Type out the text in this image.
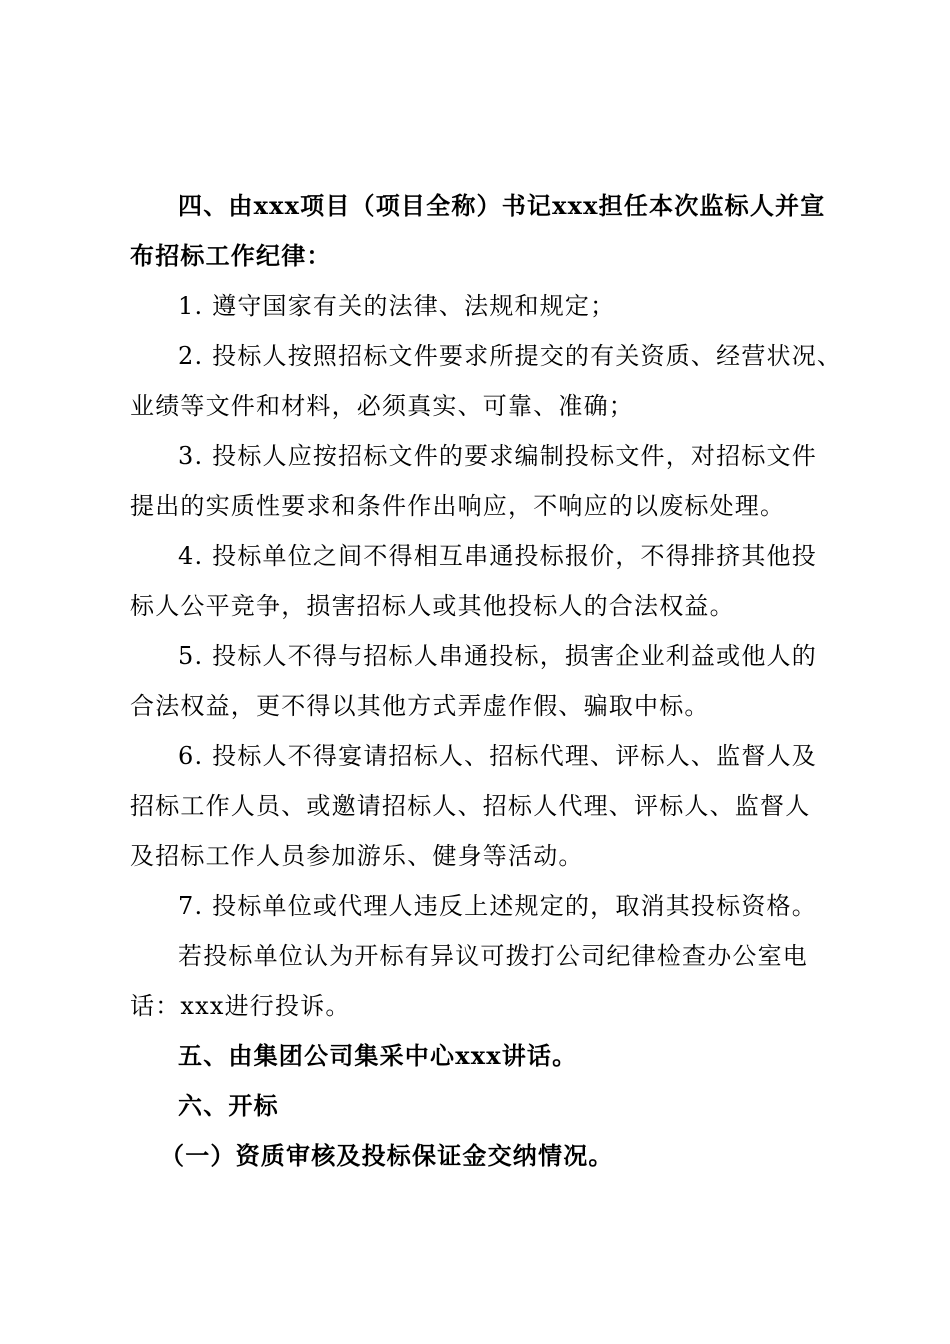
四、由xxx项目（项目全称）书记xxx担任本次监标人并宣
布招标工作纪律：
1. 遵守国家有关的法律、法规和规定；
2. 投标人按照招标文件要求所提交的有关资质、经营状况、
业绩等文件和材料，必须真实、可靠、准确；
3. 投标人应按招标文件的要求编制投标文件，对招标文件
提出的实质性要求和条件作出响应，不响应的以废标处理。
4. 投标单位之间不得相互串通投标报价，不得排挤其他投
标人公平竞争，损害招标人或其他投标人的合法权益。
5. 投标人不得与招标人串通投标，损害企业利益或他人的
合法权益，更不得以其他方式弄虚作假、骗取中标。
6. 投标人不得宴请招标人、招标代理、评标人、监督人及
招标工作人员、或邀请招标人、招标人代理、评标人、监督人
及招标工作人员参加游乐、健身等活动。
7. 投标单位或代理人违反上述规定的，取消其投标资格。
若投标单位认为开标有异议可拨打公司纪律检查办公室电
话：xxx进行投诉。
五、由集团公司集采中心xxx讲话。
六、开标
（一）资质审核及投标保证金交纳情况。
